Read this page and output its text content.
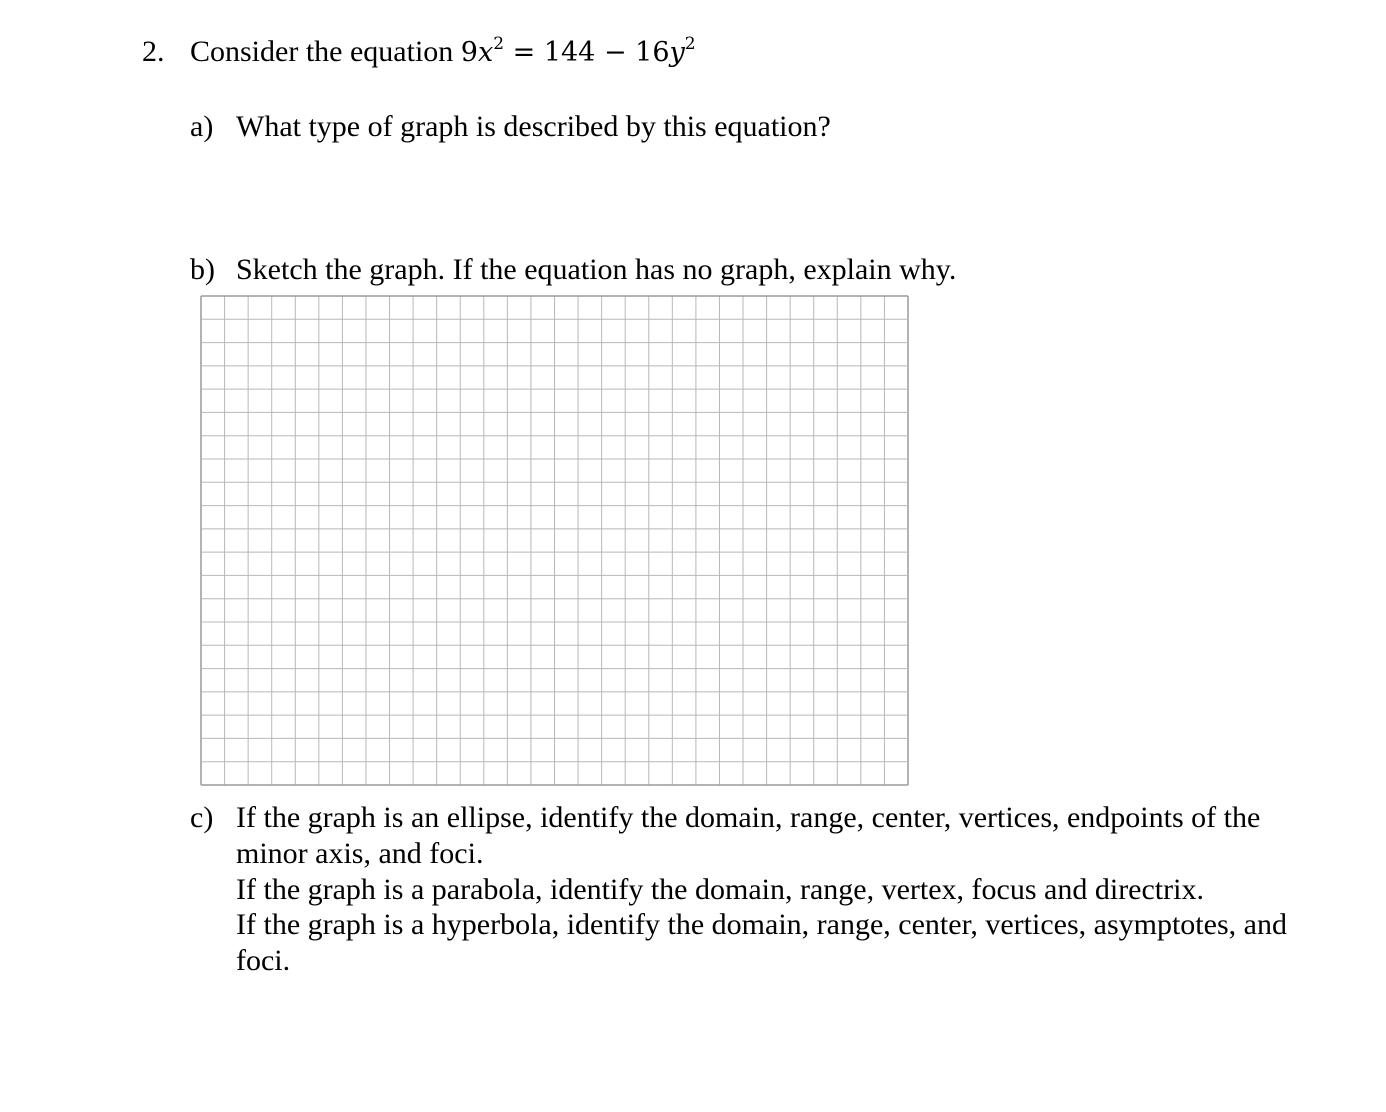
2. Consider the equation $9x^2 = 144 - 16y^2$
a) What type of graph is described by this equation?
b) Sketch the graph. If the equation has no graph, explain why.
c) If the graph is an ellipse, identify the domain, range, center, vertices, endpoints of the
minor axis, and foci.
If the graph is a parabola, identify the domain, range, vertex, focus and directrix.
If the graph is a hyperbola, identify the domain, range, center, vertices, asymptotes, and
foci.
